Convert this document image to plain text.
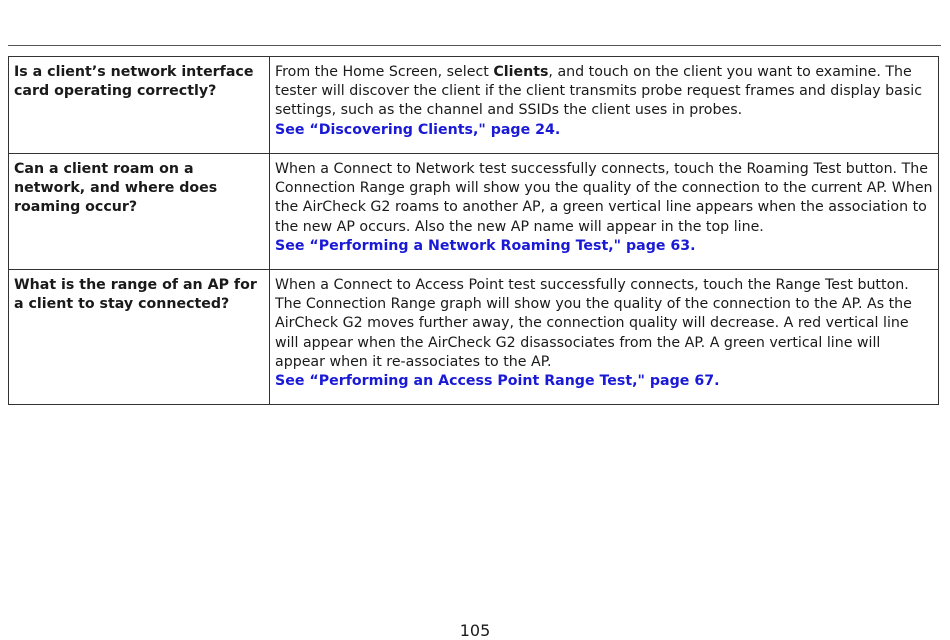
Is a client’s network interface card operating correctly?	From the Home Screen, select Clients, and touch on the client you want to examine. The tester will discover the client if the client transmits probe request frames and display basic settings, such as the channel and SSIDs the client uses in probes.
See “Discovering Clients," page 24.

Can a client roam on a network, and where does roaming occur?	When a Connect to Network test successfully connects, touch the Roaming Test button. The Connection Range graph will show you the quality of the connection to the current AP. When the AirCheck G2 roams to another AP, a green vertical line appears when the association to the new AP occurs. Also the new AP name will appear in the top line.
See “Performing a Network Roaming Test," page 63.

What is the range of an AP for a client to stay connected?	When a Connect to Access Point test successfully connects, touch the Range Test button. The Connection Range graph will show you the quality of the connection to the AP. As the AirCheck G2 moves further away, the connection quality will decrease. A red vertical line will appear when the AirCheck G2 disassociates from the AP. A green vertical line will appear when it re-associates to the AP.
See “Performing an Access Point Range Test," page 67.
105
